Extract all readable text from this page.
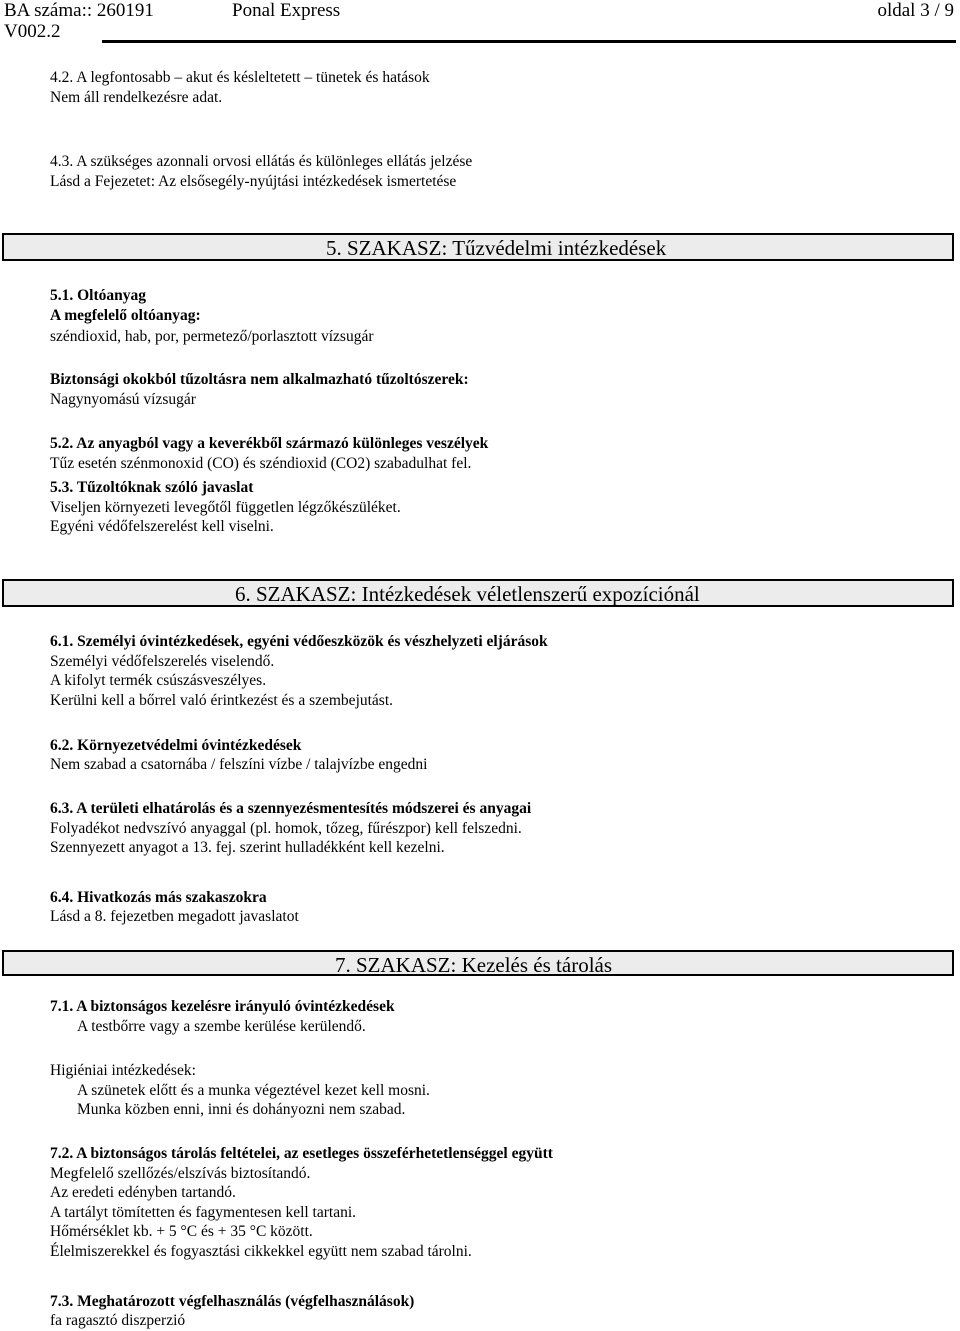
BA száma:: 260191	Ponal Express	oldal 3 / 9
V002.2
4.2. A legfontosabb – akut és késleltetett – tünetek és hatások
Nem áll rendelkezésre adat.
4.3. A szükséges azonnali orvosi ellátás és különleges ellátás jelzése
Lásd a Fejezetet: Az elsősegély-nyújtási intézkedések ismertetése
5. SZAKASZ: Tűzvédelmi intézkedések
5.1. Oltóanyag
A megfelelő oltóanyag:
széndioxid, hab, por, permetező/porlasztott vízsugár
Biztonsági okokból tűzoltásra nem alkalmazható tűzoltószerek:
Nagynyomású vízsugár
5.2. Az anyagból vagy a keverékből származó különleges veszélyek
Tűz esetén szénmonoxid (CO) és széndioxid (CO2) szabadulhat fel.
5.3. Tűzoltóknak szóló javaslat
Viseljen környezeti levegőtől független légzőkészüléket.
Egyéni védőfelszerelést kell viselni.
6. SZAKASZ: Intézkedések véletlenszerű expozíciónál
6.1. Személyi óvintézkedések, egyéni védőeszközök és vészhelyzeti eljárások
Személyi védőfelszerelés viselendő.
A kifolyt termék csúszásveszélyes.
Kerülni kell a bőrrel való érintkezést és a szembejutást.
6.2. Környezetvédelmi óvintézkedések
Nem szabad a csatornába / felszíni vízbe / talajvízbe engedni
6.3. A területi elhatárolás és a szennyezésmentesítés módszerei és anyagai
Folyadékot nedvszívó anyaggal (pl. homok, tőzeg, fűrészpor) kell felszedni.
Szennyezett anyagot a 13. fej. szerint hulladékként kell kezelni.
6.4. Hivatkozás más szakaszokra
Lásd a 8. fejezetben megadott javaslatot
7. SZAKASZ: Kezelés és tárolás
7.1. A biztonságos kezelésre irányuló óvintézkedések
A testbőrre vagy a szembe kerülése kerülendő.
Higiéniai intézkedések:
A szünetek előtt és a munka végeztével kezet kell mosni.
Munka közben enni, inni és dohányozni nem szabad.
7.2. A biztonságos tárolás feltételei, az esetleges összeférhetetlenséggel együtt
Megfelelő szellőzés/elszívás biztosítandó.
Az eredeti edényben tartandó.
A tartályt tömítetten és fagymentesen kell tartani.
Hőmérséklet kb. + 5 °C és + 35 °C között.
Élelmiszerekkel és fogyasztási cikkekkel együtt nem szabad tárolni.
7.3. Meghatározott végfelhasználás (végfelhasználások)
fa ragasztó diszperzió
